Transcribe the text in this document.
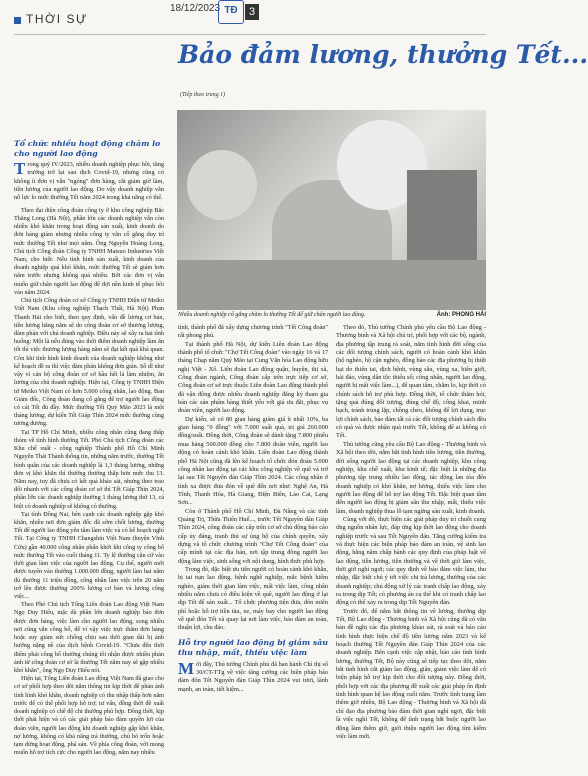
THỜI SỰ
18/12/2023 TĐ	3
Bảo đảm lương, thưởng Tết...
(Tiếp theo trang 1)
Nhiều doanh nghiệp cố gắng chăm lo thưởng Tết để giữ chân người lao động.	Ảnh: PHONG HẢI
Tổ chức nhiều hoạt động chăm lo cho người lao động
Trong quý IV/2023, nhiều doanh nghiệp phục hồi, tăng trưởng trở lại sau dịch Covid-19, nhưng cũng có không ít đơn vị vẫn "ngóng" đơn hàng, cắt giảm giờ làm, tiền lương của người lao động. Do vậy doanh nghiệp vẫn nỗ lực lo mức thưởng Tết năm 2024 trong khả năng có thể.

Theo đại diện công đoàn công ty ở khu công nghiệp Bắc Thăng Long (Hà Nội), phần lớn các doanh nghiệp vẫn còn nhiều khó khăn trong hoạt động sản xuất, kinh doanh do đơn hàng giảm nhưng nhiều công ty vẫn cố gắng duy trì mức thưởng Tết như mọi năm. Ông Nguyễn Hoàng Long, Chủ tịch Công đoàn Công ty TNHH Matsuo Industries Việt Nam, cho biết: Nếu tình hình sản xuất, kinh doanh của doanh nghiệp quá khó khăn, mức thưởng Tết sẽ giảm hơn năm trước nhưng không quá nhiều. Bởi các đơn vị vẫn muốn giữ chân người lao động để đợi nền kinh tế phục hồi vào năm 2024.

Chủ tịch Công đoàn cơ sở Công ty TNHH Điện tử Meiko Việt Nam (Khu công nghiệp Thạch Thất, Hà Nội) Phan Thanh Hải cho biết, theo quy định, vấn đề lương cơ bản, tiền lương hằng năm sẽ do công đoàn cơ sở thương lượng, đàm phán với chủ doanh nghiệp. Điều này sẽ xây ra hai tình huống: Một là nếu đúng vào thời điểm doanh nghiệp làm ăn tốt thì việc thương lượng hàng năm sẽ đạt kết quả khả quan. Còn khi tình hình kinh doanh của doanh nghiệp không như kế hoạch đề ra thì việc đàm phán không đơn giản. Số dĩ như vậy vì cán bộ công đoàn cơ sở hầu hết là làm nhiệm, ăn lương của chủ doanh nghiệp. Hiện tại, Công ty TNHH Điện tử Meiko Việt Nam có hơn 5.000 công nhân, lao động. Ban Giám đốc, Công đoàn đang cố gắng để trợ người lao động có cái Tết đủ đầy. Mức thưởng Tết Quý Mão 2023 là một tháng lương; dự kiến Tết Giáp Thìn 2024 mức thưởng cũng tương đương.

Tại TP Hồ Chí Minh, nhiều công nhân cũng đang thấp thỏm về tình hình thưởng Tết. Phó Chủ tịch Công đoàn các Khu chế xuất - công nghiệp Thành phố Hồ Chí Minh Nguyễn Thái Thành thông tin, những năm trước, thưởng Tết bình quân của các doanh nghiệp là 1,3 tháng lương, những đơn vị khó khăn thì thưởng thường thấp hơn mức thu 13. Năm nay, tuy đã chưa có kết quả khảo sát, nhưng theo trao đổi nhanh với các công đoàn cơ sở thì Tết Giáp Thìn 2024, phần lớn các doanh nghiệp thưởng 1 tháng lương thứ 13, cá biệt có doanh nghiệp sẽ không có thưởng.

Tại tỉnh Đồng Nai, bên cạnh các doanh nghiệp gặp khó khăn, nhiều nơi đơn giảm đốc đã sớm chốt lương, thưởng Tết để người lao động yên tâm làm việc và có kế hoạch nghỉ Tết. Tại Công ty TNHH Changshin Việt Nam (huyện Vĩnh Cửu) gần 40.000 công nhân phấn khởi khi công ty công bố mức thưởng Tết vào cuối tháng 11. Ty lệ thưởng căn cứ vào thời gian làm việc của người lao động. Cụ thể, người mới được tuyển vào thưởng 1.000.000 đồng, người làm hai năm đủ thưởng 11 triệu đồng, công nhân làm việc trên 20 năm trở lên được thưởng 200% lương cơ bản và lương công việc...

Theo Phó Chủ tịch Tổng Liên đoàn Lao động Việt Nam Ngọ Duy Hiểu, mặc dù phần lớn doanh nghiệp báo đơn được đơn hàng, việc làm cho người lao động, song nhiều nơi cũng vẫn công bố, để vì vậy việc trực thăm đơn hàng hoặc suy giảm sức chống chịu sau thời gian dài bị ảnh hưởng nặng nề của dịch bệnh Covid-19. "Chưa đến thời điểm phải công bố thưởng chúng tôi nhận được nhiều phản ánh từ công đoàn cơ sở là thưởng Tết năm nay sẽ gặp nhiều khó khăn", ông Ngọ Duy Hiểu nói.

Hiện tại, Tổng Liên đoàn Lao động Việt Nam đã giao cho cơ sở phối hợp theo dõi nắm thông tin kịp thời để phản ánh tình hình khó khăn, doanh nghiệp có thu nhập thấp hơn năm trước để có thể phối hợp hỗ trợ; tư vấn, đồng thời đề xuất doanh nghiệp có chế độ chi thưởng phù hợp. Đồng thời, kịp thời phát hiện và có các giải pháp bảo đảm quyền lợi của đoàn viên, người lao động khi doanh nghiệp gặp khó khăn, nợ lương, không có khả năng trả thưởng, chủ bỏ trốn hoặc tạm dừng hoạt động, phá sản. Về phía công đoàn, với mong muốn hỗ trợ tích cực cho người lao động, năm nay nhiều

tỉnh, thành phố đã xây dựng chương trình "Tết Công đoàn" rất phong phú.

Tại thành phố Hà Nội, dự kiến Liên đoàn Lao động thành phố tổ chức "Chợ Tết Công đoàn" vào ngày 16 và 17 tháng Chạp năm Quý Mão tại Cung Văn hóa Lao động hữu nghị Việt - Xô. Liên đoàn Lao động quận, huyện, thị xã, Công đoàn ngành, Công đoàn cấp trên trực tiếp cơ sở, Công đoàn cơ sở trực thuộc Liên đoàn Lao động thành phố đã vận động được nhiều doanh nghiệp đăng ký tham gia bán các sản phẩm hàng thiết yếu với giá ưu đãi, phục vụ đoàn viên, người lao động.

Dự kiến, sẽ có 80 gian hàng giảm giá ít nhất 10%, ba gian hàng "0 đồng" với 7.000 suất quà, trị giá 260.000 đồng/suất. Đồng thời, Công đoàn sẽ dành tặng 7.800 phiếu mua hàng 500.000 đồng cho 7.800 đoàn viên, người lao động có hoàn cảnh khó khăn. Liên đoàn Lao động thành phố Hà Nội cũng đã lên kế hoạch tổ chức đón đoàn 5.000 công nhân lao động tại các khu công nghiệp về quê và trở lại sau Tết Nguyên đán Giáp Thìn 2024. Các công nhân ở tỉnh xa được đưa đón về quê đến nơi như: Nghệ An, Hà Tĩnh, Thanh Hóa, Hà Giang, Điện Biên, Lào Cai, Lạng Sơn...

Còn ở Thành phố Hồ Chí Minh, Đà Nẵng và các tỉnh Quảng Trị, Thừa Thiên Huế..., trước Tết Nguyên đán Giáp Thìn 2024, công đoàn các cấp trên cơ sở chủ động báo cáo cấp ủy đảng, tranh thủ sự ủng hộ của chính quyền, xây dựng và tổ chức chương trình "Chợ Tết Công đoàn" của cấp mình tại các địa bàn, nơi tập trung đông người lao động làm việc, sinh sống với nội dung, hình thức phù hợp.

Trong đó, đặc biệt ưu tiên người có hoàn cảnh khó khăn, bị tai nạn lao động, bệnh nghề nghiệp, mắc bệnh hiểm nghèo, giảm thời gian làm việc, mất việc làm, công nhân nhiều năm chưa có điều kiện về quê, người lao động ở lại dịp Tết để sản xuất... Tổ chức phương tiện đưa, đón miễn phí hoặc hỗ trợ tiền tàu, xe, máy bay cho người lao động về quê đón Tết và quay lại nơi làm việc, bảo đảm an toàn, thuận lợi, chu đáo.

Hỗ trợ người lao động bị giảm sâu thu nhập, mất, thiếu việc làm

Mới đây, Thủ tướng Chính phủ đã ban hành Chỉ thị số 30/CT-TTg về việc tăng cường các biện pháp bảo đảm đón Tết Nguyên đán Giáp Thìn 2024 vui tươi, lành mạnh, an toàn, tiết kiệm...

Theo đó, Thủ tướng Chính phủ yêu cầu Bộ Lao động - Thương binh và Xã hội chủ trì, phối hợp với các bộ, ngành, địa phương tập trung rà soát, nắm tình hình đời sống của các đối tượng chính sách, người có hoàn cảnh khó khăn (hộ nghèo, hộ cận nghèo, đồng bào các địa phương bị thiệt hại do thiên tai, dịch bệnh, vùng sâu, vùng xa, biên giới, hải đảo, vùng dân tộc thiểu số; công nhân, người lao động, người bị mất việc làm...), để quan tâm, chăm lo, kịp thời có chính sách hỗ trợ phù hợp. Đồng thời, tổ chức thăm hỏi, tặng quà đúng đối tượng, đúng chế độ, công khai, minh bạch, tránh trùng lặp, chồng chéo, không để lợi dụng, trục lợi chính sách, bảo đảm tất cả các đối tượng chính sách đều có quà và được nhận quà trước Tết, không để ai không có Tết.

Thủ tướng cũng yêu cầu Bộ Lao động - Thương binh và Xã hội theo dõi, nắm bắt tình hình tiền lương, tiền thưởng, đời sống người lao động tại các doanh nghiệp, khu công nghiệp, khu chế xuất, khu kinh tế; đặc biệt là những địa phương tập trung nhiều lao động, tác động lan tỏa đến doanh nghiệp có khó khăn, nợ lương, thiếu việc làm cho người lao động để hỗ trợ lao động Tết. Đặc biệt quan tâm đến người lao động bị giảm sâu thu nhập, mất, thiếu việc làm, doanh nghiệp thua lỗ tạm ngừng sản xuất, kinh doanh.

Cùng với đó, thực hiện các giải pháp duy trì chuỗi cung ứng nguồn nhân lực, đáp ứng kịp thời lao động cho doanh nghiệp trước và sau Tết Nguyên đán. Tăng cường kiểm tra và thực hiện các biện pháp bảo đảm an toàn, vệ sinh lao động, hằng năm chấp hành các quy định của pháp luật về lao động, tiền lương, tiền thưởng và về thời giờ làm việc, thời giờ nghỉ ngơi; các quy định về bảo đảm việc làm, thu nhập, đặc biệt chú ý tới việc chi trả lương, thưởng của các doanh nghiệp; chủ động xử lý các tranh chấp lao động, xảy ra trong dịp Tết; có phương án cụ thể khi có tranh chấp lao động có thể xảy ra trong dịp Tết Nguyên đán.

Trước đó, để nắm bắt thông tin về lương, thưởng dịp Tết, Bộ Lao động - Thương binh và Xã hội cũng đã có văn bản đề nghị các địa phương khảo sát, rà soát và báo cáo tình hình thực hiện chế độ tiền lương năm 2023 và kế hoạch thưởng Tết Nguyên đán Giáp Thìn 2024 của các doanh nghiệp. Bên cạnh việc cập nhật, báo cáo tình hình lương, thưởng Tết, Bộ này cũng sẽ tiếp tục theo dõi, nắm bắt tình hình cắt giảm lao động, giãn, giảm việc làm để có biện pháp hỗ trợ kịp thời cho đối tượng này. Đồng thời, phối hợp với các địa phương đề xuất các giải pháp ổn định tình hình quan hệ lao động cuối năm. Trước tình trạng làm thêm giờ nhiều, Bộ Lao động - Thương binh và Xã hội đã chỉ đạo địa phương bảo đảm thời gian nghỉ ngơi, đặc biệt là việc nghỉ Tết, không để tình trạng bắt buộc người lao động làm thêm giờ, giới thiệu người lao động tìm kiếm việc làm mới.
